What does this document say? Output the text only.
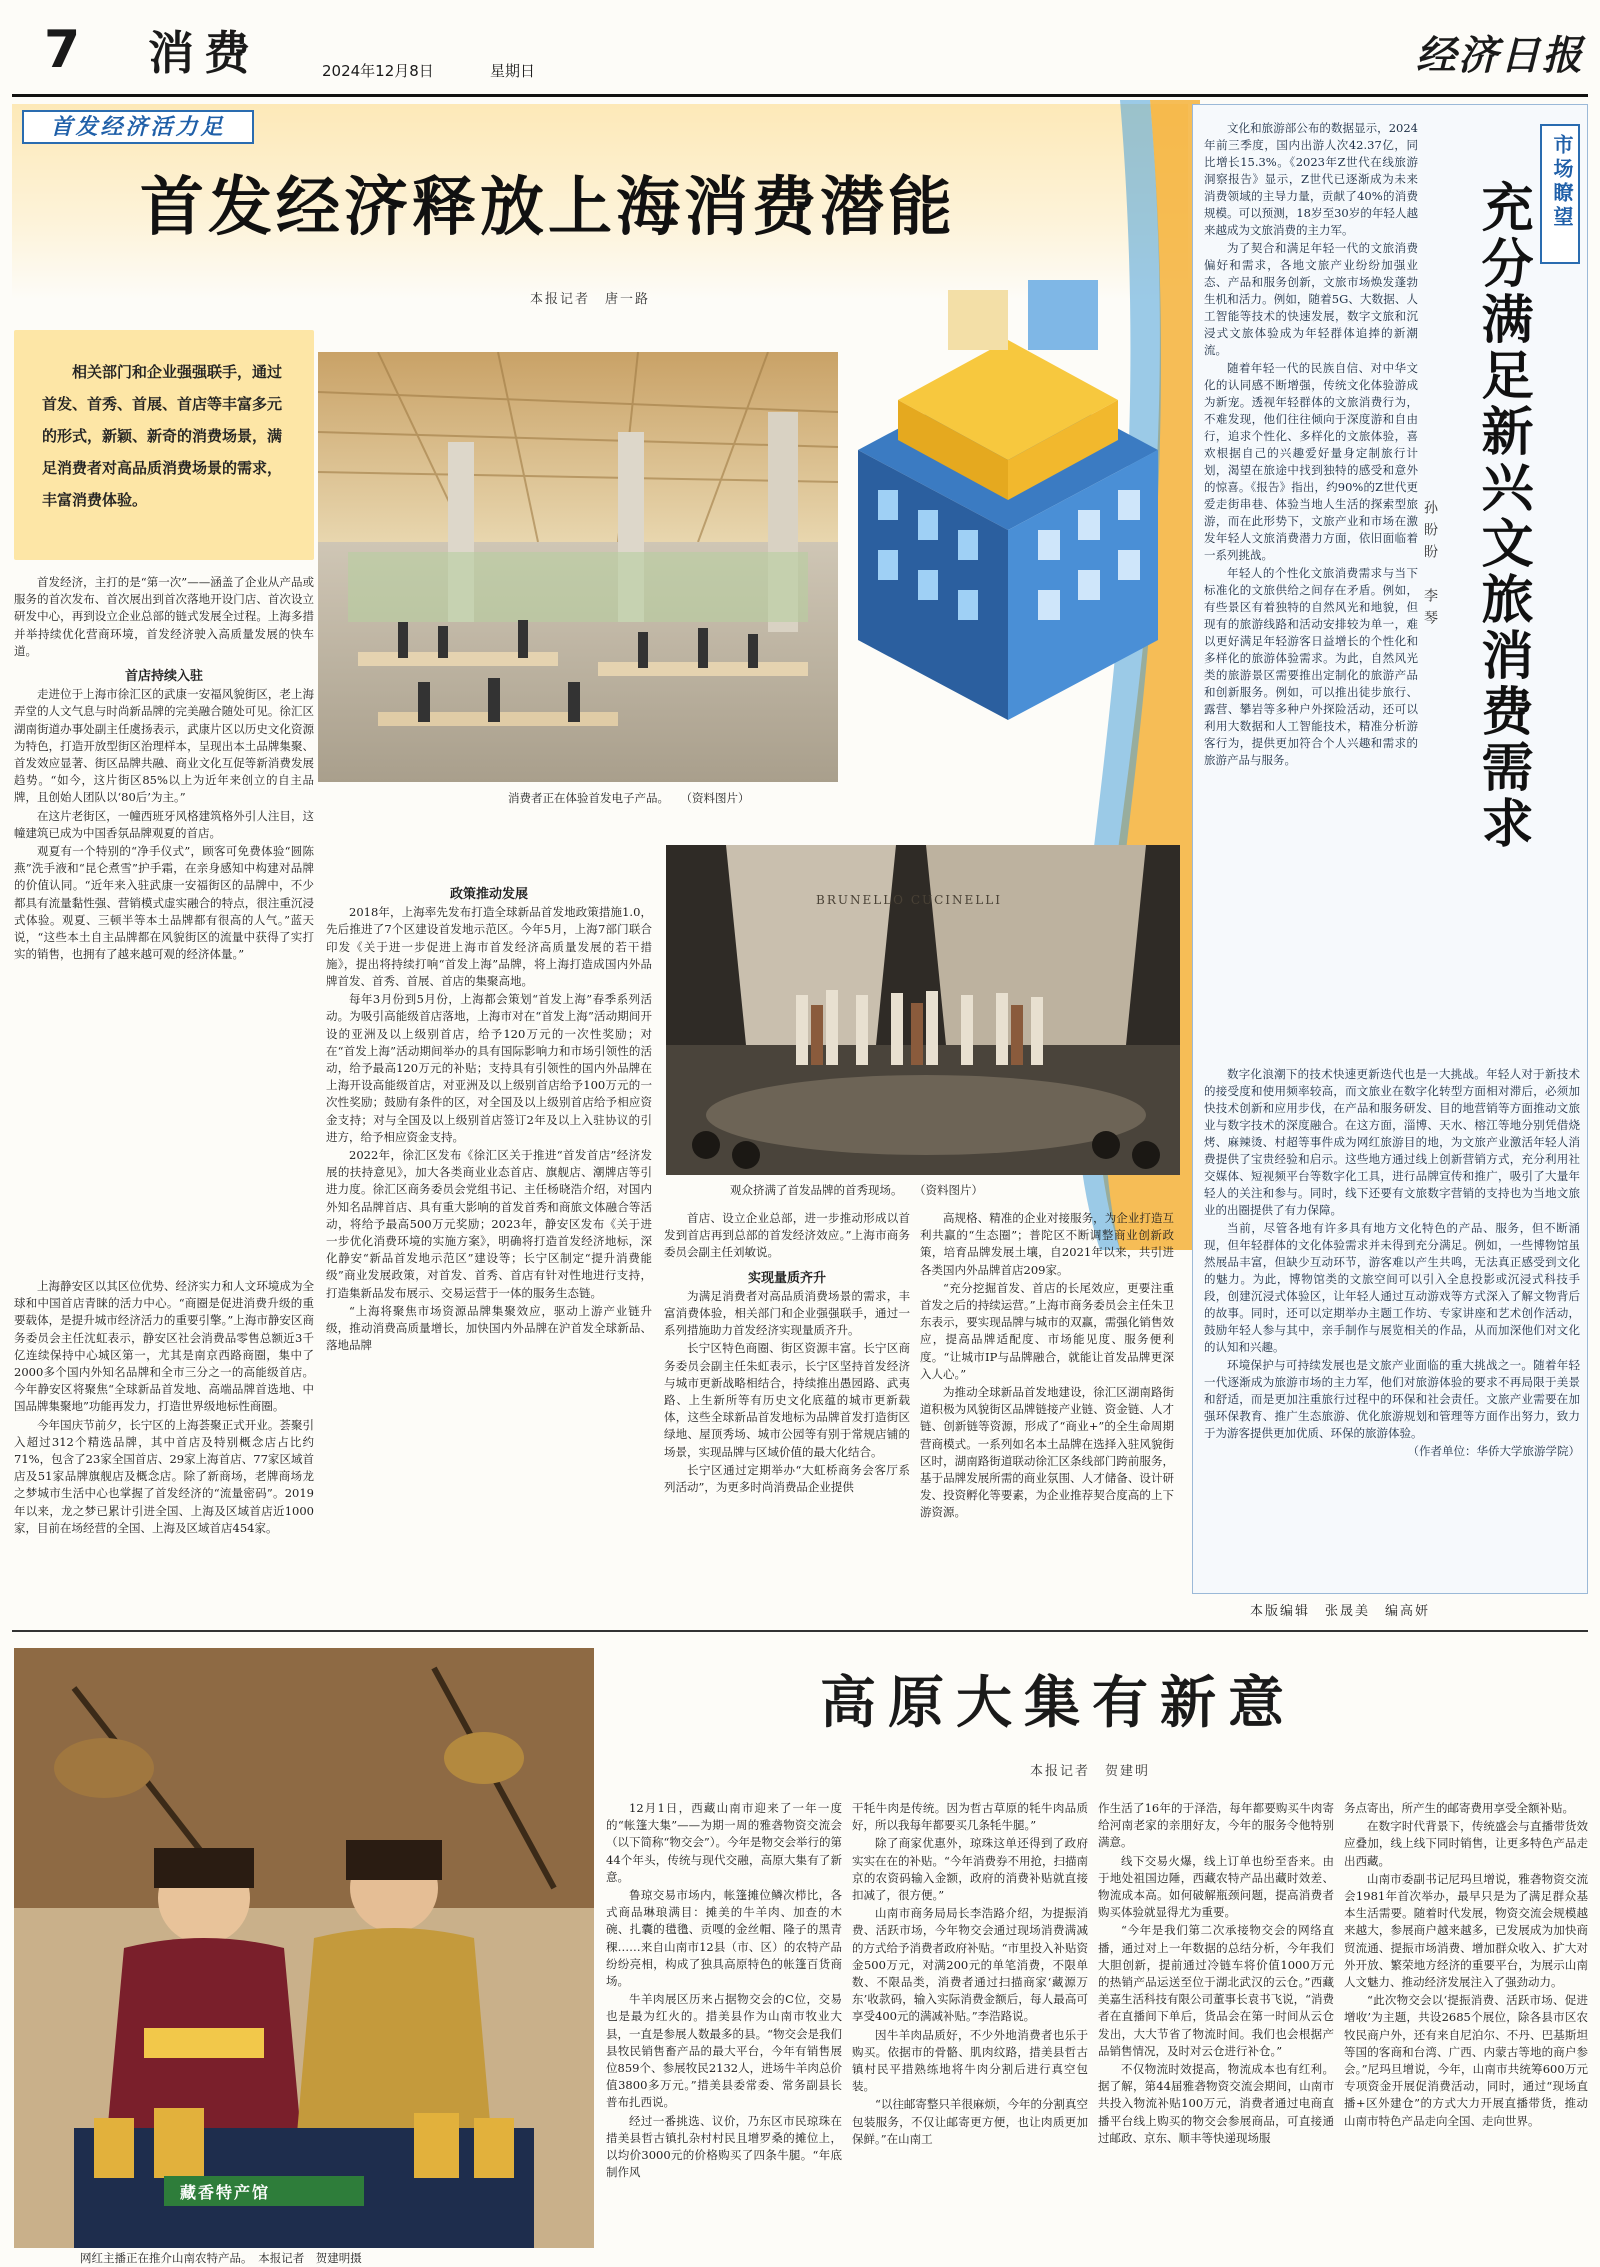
7 消费	2024年12月8日	星期日	经济日报
首发经济活力足
首发经济释放上海消费潜能
本报记者　唐一路
相关部门和企业强强联手，通过首发、首秀、首展、首店等丰富多元的形式，新颖、新奇的消费场景，满足消费者对高品质消费场景的需求，丰富消费体验。
消费者正在体验首发电子产品。　　（资料图片）
BRUNELLO CUCINELLI
观众挤满了首发品牌的首秀现场。　　（资料图片）

首发经济，主打的是“第一次”——涵盖了企业从产品或服务的首次发布、首次展出到首次落地开设门店、首次设立研发中心，再到设立企业总部的链式发展全过程。上海多措并举持续优化营商环境，首发经济驶入高质量发展的快车道。

首店持续入驻

走进位于上海市徐汇区的武康一安福风貌街区，老上海弄堂的人文气息与时尚新品牌的完美融合随处可见。徐汇区湖南街道办事处副主任虞扬表示，武康片区以历史文化资源为特色，打造开放型街区治理样本，呈现出本土品牌集聚、首发效应显著、街区品牌共融、商业文化互促等新消费发展趋势。“如今，这片街区85%以上为近年来创立的自主品牌，且创始人团队以‘80后’为主。”

在这片老街区，一幢西班牙风格建筑格外引人注目，这幢建筑已成为中国香氛品牌观夏的首店。

观夏有一个特别的“净手仪式”，顾客可免费体验“圆陈燕”洗手液和“昆仑煮雪”护手霜，在亲身感知中构建对品牌的价值认同。“近年来入驻武康一安福街区的品牌中，不少都具有流量黏性强、营销模式虚实融合的特点，很注重沉浸式体验。观夏、三顿半等本土品牌都有很高的人气。”蓝天说，“这些本土自主品牌都在风貌街区的流量中获得了实打实的销售，也拥有了越来越可观的经济体量。”

上海静安区以其区位优势、经济实力和人文环境成为全球和中国首店青睐的活力中心。“商圈是促进消费升级的重要载体，是提升城市经济活力的重要引擎。”上海市静安区商务委员会主任沈虹表示，静安区社会消费品零售总额近3千亿连续保持中心城区第一，尤其是南京西路商圈，集中了2000多个国内外知名品牌和全市三分之一的高能级首店。今年静安区将聚焦“全球新品首发地、高端品牌首选地、中国品牌集聚地”功能再发力，打造世界级地标性商圈。

今年国庆节前夕，长宁区的上海荟聚正式开业。荟聚引入超过312个精选品牌，其中首店及特别概念店占比约71%，包含了23家全国首店、29家上海首店、77家区域首店及51家品牌旗舰店及概念店。除了新商场，老牌商场龙之梦城市生活中心也掌握了首发经济的“流量密码”。2019年以来，龙之梦已累计引进全国、上海及区域首店近1000家，目前在场经营的全国、上海及区域首店454家。

政策推动发展

2018年，上海率先发布打造全球新品首发地政策措施1.0，先后推进了7个区建设首发地示范区。今年5月，上海7部门联合印发《关于进一步促进上海市首发经济高质量发展的若干措施》，提出将持续打响“首发上海”品牌，将上海打造成国内外品牌首发、首秀、首展、首店的集聚高地。

每年3月份到5月份，上海都会策划“首发上海”春季系列活动。为吸引高能级首店落地，上海市对在“首发上海”活动期间开设的亚洲及以上级别首店，给予120万元的一次性奖励；对在“首发上海”活动期间举办的具有国际影响力和市场引领性的活动，给予最高120万元的补贴；支持具有引领性的国内外品牌在上海开设高能级首店，对亚洲及以上级别首店给予100万元的一次性奖励；鼓励有条件的区，对全国及以上级别首店给予相应资金支持；对与全国及以上级别首店签订2年及以上入驻协议的引进方，给予相应资金支持。

2022年，徐汇区发布《徐汇区关于推进“首发首店”经济发展的扶持意见》，加大各类商业业态首店、旗舰店、潮牌店等引进力度。徐汇区商务委员会党组书记、主任杨晓浩介绍，对国内外知名品牌首店、具有重大影响的首发首秀和商旅文体融合等活动，将给予最高500万元奖励；2023年，静安区发布《关于进一步优化消费环境的实施方案》，明确将打造首发经济地标，深化静安“新品首发地示范区”建设等；长宁区制定“提升消费能级”商业发展政策，对首发、首秀、首店有针对性地进行支持，打造集新品发布展示、交易运营于一体的服务生态链。

“上海将聚焦市场资源品牌集聚效应，驱动上游产业链升级，推动消费高质量增长，加快国内外品牌在沪首发全球新品、落地品牌

首店、设立企业总部，进一步推动形成以首发到首店再到总部的首发经济效应。”上海市商务委员会副主任刘敏说。

实现量质齐升

为满足消费者对高品质消费场景的需求，丰富消费体验，相关部门和企业强强联手，通过一系列措施助力首发经济实现量质齐升。

长宁区特色商圈、街区资源丰富。长宁区商务委员会副主任朱虹表示，长宁区坚持首发经济与城市更新战略相结合，持续推出愚园路、武夷路、上生新所等有历史文化底蕴的城市更新载体，这些全球新品首发地标为品牌首发打造街区绿地、屋顶秀场、城市公园等有别于常规店铺的场景，实现品牌与区域价值的最大化结合。

长宁区通过定期举办“大虹桥商务会客厅系列活动”，为更多时尚消费品企业提供

高规格、精准的企业对接服务，为企业打造互利共赢的“生态圈”；普陀区不断调整商业创新政策，培育品牌发展土壤，自2021年以来，共引进各类国内外品牌首店209家。

“充分挖掘首发、首店的长尾效应，更要注重首发之后的持续运营。”上海市商务委员会主任朱卫东表示，要实现品牌与城市的双赢，需强化销售效应，提高品牌适配度、市场能见度、服务便利度。“让城市IP与品牌融合，就能让首发品牌更深入人心。”

为推动全球新品首发地建设，徐汇区湖南路街道积极为风貌街区品牌链接产业链、资金链、人才链、创新链等资源，形成了“商业+”的全生命周期营商模式。一系列如名本土品牌在选择入驻风貌街区时，湖南路街道联动徐汇区条线部门跨前服务，基于品牌发展所需的商业氛围、人才储备、设计研发、投资孵化等要素，为企业推荐契合度高的上下游资源。

市场瞭望
充分满足新兴文旅消费需求
孙盼盼　李琴

文化和旅游部公布的数据显示，2024年前三季度，国内出游人次42.37亿，同比增长15.3%。《2023年Z世代在线旅游洞察报告》显示，Z世代已逐渐成为未来消费领域的主导力量，贡献了40%的消费规模。可以预测，18岁至30岁的年轻人越来越成为文旅消费的主力军。

为了契合和满足年轻一代的文旅消费偏好和需求，各地文旅产业纷纷加强业态、产品和服务创新，文旅市场焕发蓬勃生机和活力。例如，随着5G、大数据、人工智能等技术的快速发展，数字文旅和沉浸式文旅体验成为年轻群体追捧的新潮流。

随着年轻一代的民族自信、对中华文化的认同感不断增强，传统文化体验游成为新宠。透视年轻群体的文旅消费行为，不难发现，他们往往倾向于深度游和自由行，追求个性化、多样化的文旅体验，喜欢根据自己的兴趣爱好量身定制旅行计划，渴望在旅途中找到独特的感受和意外的惊喜。《报告》指出，约90%的Z世代更爱走街串巷、体验当地人生活的探索型旅游，而在此形势下，文旅产业和市场在激发年轻人文旅消费潜力方面，依旧面临着一系列挑战。

年轻人的个性化文旅消费需求与当下标准化的文旅供给之间存在矛盾。例如，有些景区有着独特的自然风光和地貌，但现有的旅游线路和活动安排较为单一，难以更好满足年轻游客日益增长的个性化和多样化的旅游体验需求。为此，自然风光类的旅游景区需要推出定制化的旅游产品和创新服务。例如，可以推出徒步旅行、露营、攀岩等多种户外探险活动，还可以利用大数据和人工智能技术，精准分析游客行为，提供更加符合个人兴趣和需求的旅游产品与服务。

数字化浪潮下的技术快速更新迭代也是一大挑战。年轻人对于新技术的接受度和使用频率较高，而文旅业在数字化转型方面相对滞后，必须加快技术创新和应用步伐，在产品和服务研发、目的地营销等方面推动文旅业与数字技术的深度融合。在这方面，淄博、天水、榕江等地分别凭借烧烤、麻辣烫、村超等事件成为网红旅游目的地，为文旅产业激活年轻人消费提供了宝贵经验和启示。这些地方通过线上创新营销方式，充分利用社交媒体、短视频平台等数字化工具，进行品牌宣传和推广，吸引了大量年轻人的关注和参与。同时，线下还要有文旅数字营销的支持也为当地文旅业的出圈提供了有力保障。

当前，尽管各地有许多具有地方文化特色的产品、服务，但不断涌现，但年轻群体的文化体验需求并未得到充分满足。例如，一些博物馆虽然展品丰富，但缺少互动环节，游客难以产生共鸣，无法真正感受到文化的魅力。为此，博物馆类的文旅空间可以引入全息投影或沉浸式科技手段，创建沉浸式体验区，让年轻人通过互动游戏等方式深入了解文物背后的故事。同时，还可以定期举办主题工作坊、专家讲座和艺术创作活动，鼓励年轻人参与其中，亲手制作与展览相关的作品，从而加深他们对文化的认知和兴趣。

环境保护与可持续发展也是文旅产业面临的重大挑战之一。随着年轻一代逐渐成为旅游市场的主力军，他们对旅游体验的要求不再局限于美景和舒适，而是更加注重旅行过程中的环保和社会责任。文旅产业需要在加强环保教育、推广生态旅游、优化旅游规划和管理等方面作出努力，致力于为游客提供更加优质、环保的旅游体验。

（作者单位：华侨大学旅游学院）

本版编辑　张晟美　编高妍
藏香特产馆
网红主播正在推介山南农特产品。　本报记者　贺建明摄
高原大集有新意
本报记者　贺建明

12月1日，西藏山南市迎来了一年一度的“帐篷大集”——为期一周的雅砻物资交流会（以下简称“物交会”）。今年是物交会举行的第44个年头，传统与现代交融，高原大集有了新意。

鲁琼交易市场内，帐篷摊位鳞次栉比，各式商品琳琅满目：摊美的牛羊肉、加查的木碗、扎囊的氆氇、贡嘎的金丝帽、隆子的黑青稞……来自山南市12县（市、区）的农特产品纷纷亮相，构成了独具高原特色的帐篷百货商场。

牛羊肉展区历来占据物交会的C位，交易也是最为红火的。措美县作为山南市牧业大县，一直是参展人数最多的县。“物交会是我们县牧民销售畜产品的最大平台，今年有销售展位859个、参展牧民2132人，进场牛羊肉总价值3800多万元。”措美县委常委、常务副县长普布扎西说。

经过一番挑选、议价，乃东区市民琼珠在措美县哲古镇扎杂村村民且增罗桑的摊位上，以均价3000元的价格购买了四条牛腿。“年底制作风

干牦牛肉是传统。因为哲古草原的牦牛肉品质好，所以我每年都要买几条牦牛腿。”

除了商家优惠外，琼珠这单还得到了政府实实在在的补贴。“今年消费券不用抢，扫描南京的农资码输入金额，政府的消费补贴就直接扣减了，很方便。”

山南市商务局局长李浩路介绍，为提振消费、活跃市场，今年物交会通过现场消费满减的方式给予消费者政府补贴。“市里投入补贴资金500万元，对满200元的单笔消费，不限单数、不限品类，消费者通过扫描商家‘藏源万东’收款码，输入实际消费金额后，每人最高可享受400元的满减补贴。”李浩路说。

因牛羊肉品质好，不少外地消费者也乐于购买。依据市的骨骼、肌肉纹路，措美县哲古镇村民平措熟练地将牛肉分割后进行真空包装。

“以往邮寄整只羊很麻烦，今年的分割真空包装服务，不仅让邮寄更方便，也让肉质更加保鲜。”在山南工

作生活了16年的于泽浩，每年都要购买牛肉寄给河南老家的亲朋好友，今年的服务令他特别满意。

线下交易火爆，线上订单也纷至沓来。由于地处祖国边陲，西藏农特产品出藏时效差、物流成本高。如何破解瓶颈问题，提高消费者购买体验就显得尤为重要。

“今年是我们第二次承接物交会的网络直播，通过对上一年数据的总结分析，今年我们大胆创新，提前通过冷链车将价值1000万元的热销产品运送至位于湖北武汉的云仓。”西藏美嘉生活科技有限公司董事长袁书飞说，“消费者在直播间下单后，货品会在第一时间从云仓发出，大大节省了物流时间。我们也会根据产品销售情况，及时对云仓进行补仓。”

不仅物流时效提高，物流成本也有红利。据了解，第44届雅砻物资交流会期间，山南市共投入物流补贴100万元，消费者通过电商直播平台线上购买的物交会参展商品，可直接通过邮政、京东、顺丰等快递现场服

务点寄出，所产生的邮寄费用享受全额补贴。

在数字时代背景下，传统盛会与直播带货效应叠加，线上线下同时销售，让更多特色产品走出西藏。

山南市委副书记尼玛旦增说，雅砻物资交流会1981年首次举办，最早只是为了满足群众基本生活需要。随着时代发展，物资交流会规模越来越大，参展商户越来越多，已发展成为加快商贸流通、提振市场消费、增加群众收入、扩大对外开放、繁荣地方经济的重要平台，为展示山南人文魅力、推动经济发展注入了强劲动力。

“此次物交会以‘提振消费、活跃市场、促进增收’为主题，共设2685个展位，除各县市区农牧民商户外，还有来自尼泊尔、不丹、巴基斯坦等国的客商和台湾、广西、内蒙古等地的商户参会。”尼玛旦增说，今年，山南市共统筹600万元专项资金开展促消费活动，同时，通过“现场直播+区外建仓”的方式大力开展直播带货，推动山南市特色产品走向全国、走向世界。
